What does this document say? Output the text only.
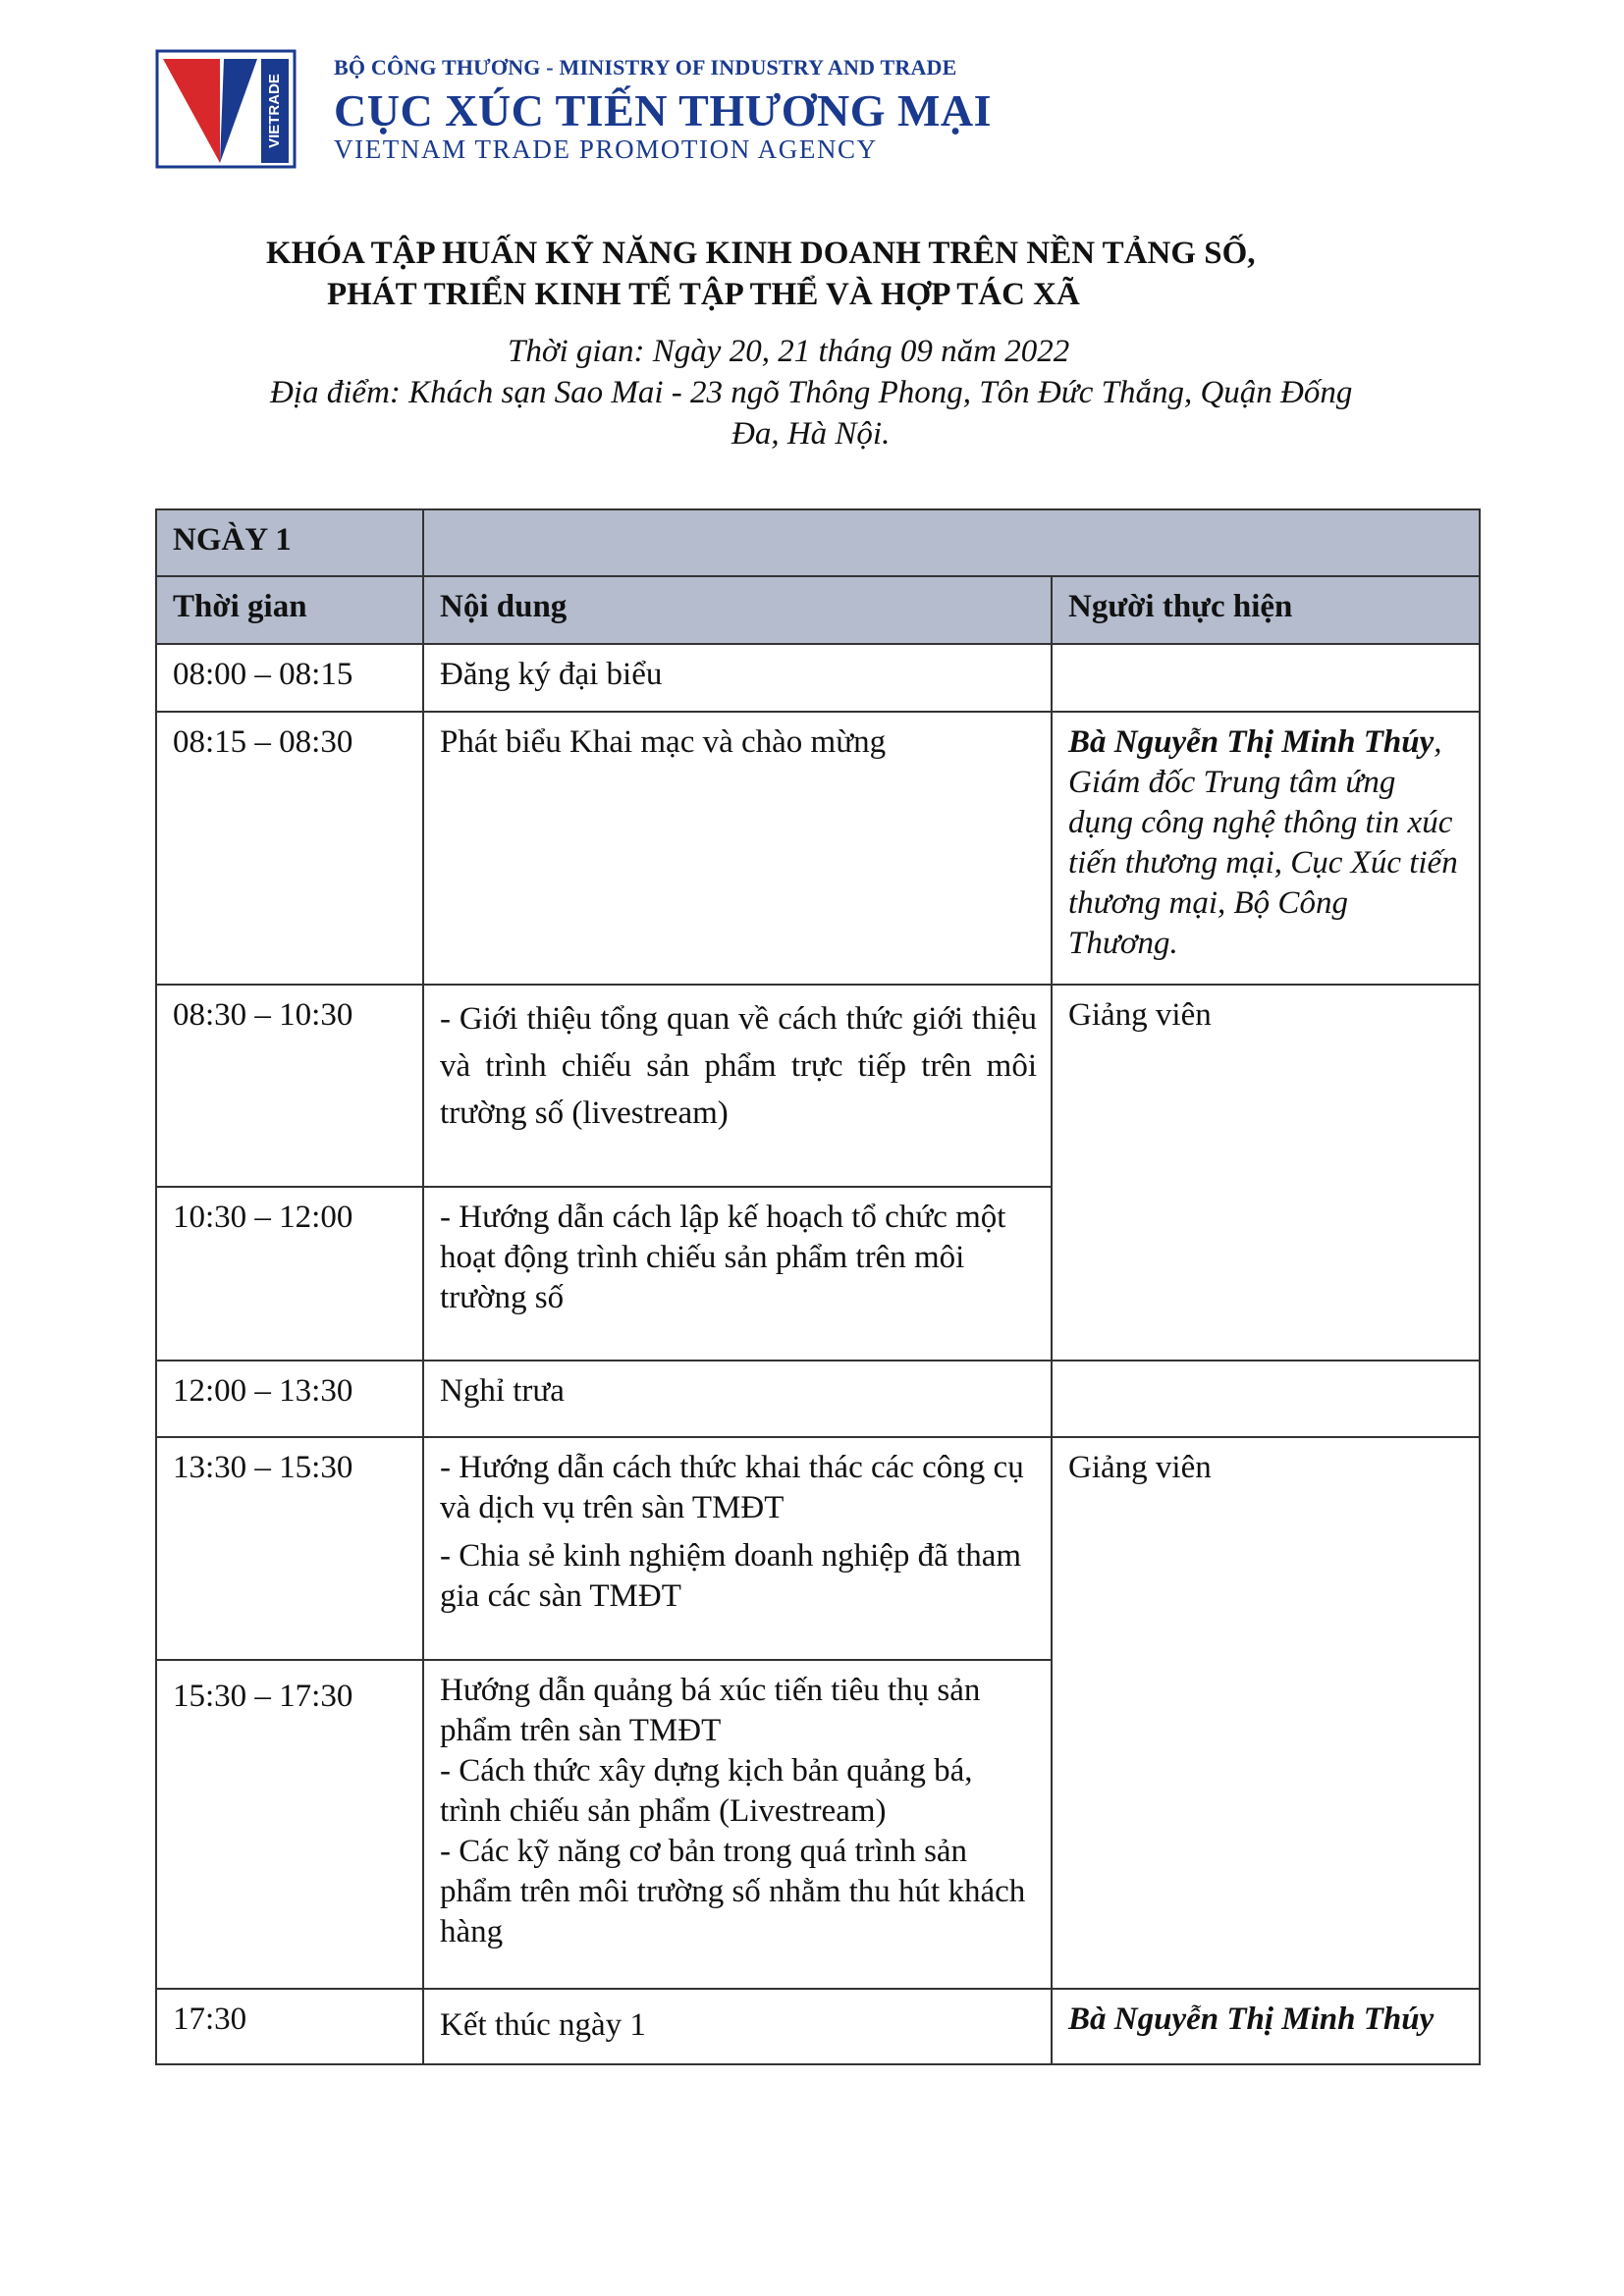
VIETRADE
BỘ CÔNG THƯƠNG - MINISTRY OF INDUSTRY AND TRADE
CỤC XÚC TIẾN THƯƠNG MẠI
VIETNAM TRADE PROMOTION AGENCY
KHÓA TẬP HUẤN KỸ NĂNG KINH DOANH TRÊN NỀN TẢNG SỐ,
PHÁT TRIỂN KINH TẾ TẬP THỂ VÀ HỢP TÁC XÃ
Thời gian: Ngày 20, 21 tháng 09 năm 2022
Địa điểm: Khách sạn Sao Mai - 23 ngõ Thông Phong, Tôn Đức Thắng, Quận Đống
Đa, Hà Nội.
NGÀY 1		
Thời gian	Nội dung	Người thực hiện
08:00 – 08:15	Đăng ký đại biểu	
08:15 – 08:30	Phát biểu Khai mạc và chào mừng	Bà Nguyễn Thị Minh Thúy, Giám đốc Trung tâm ứng dụng công nghệ thông tin xúc tiến thương mại, Cục Xúc tiến thương mại, Bộ Công Thương.
08:30 – 10:30	- Giới thiệu tổng quan về cách thức giới thiệu và trình chiếu sản phẩm trực tiếp trên môi trường số (livestream)	Giảng viên
10:30 – 12:00	- Hướng dẫn cách lập kế hoạch tổ chức một hoạt động trình chiếu sản phẩm trên môi trường số	
12:00 – 13:30	Nghỉ trưa	
13:30 – 15:30	- Hướng dẫn cách thức khai thác các công cụ và dịch vụ trên sàn TMĐT
- Chia sẻ kinh nghiệm doanh nghiệp đã tham gia các sàn TMĐT	Giảng viên
15:30 – 17:30	Hướng dẫn quảng bá xúc tiến tiêu thụ sản phẩm trên sàn TMĐT
- Cách thức xây dựng kịch bản quảng bá, trình chiếu sản phẩm (Livestream)
- Các kỹ năng cơ bản trong quá trình sản phẩm trên môi trường số nhằm thu hút khách hàng	

17:30	Kết thúc ngày 1	Bà Nguyễn Thị Minh Thúy
